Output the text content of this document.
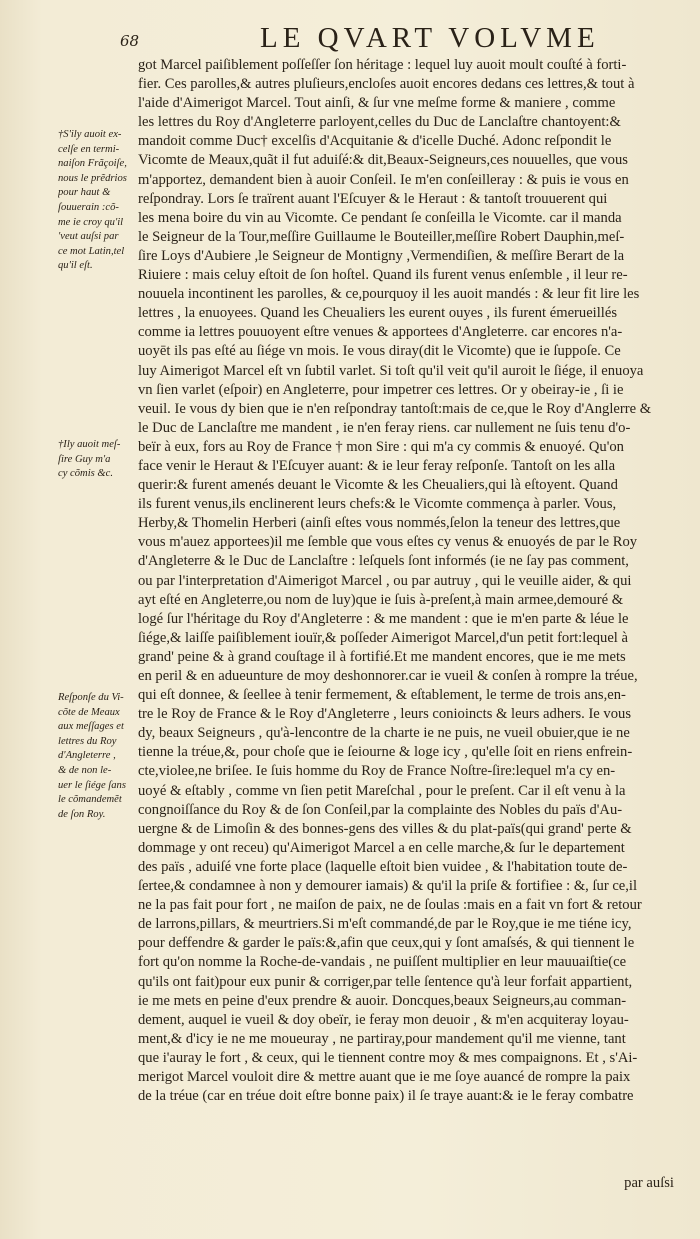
68	LE QVART VOLVME
got Marcel paiſiblement poſſeſſer ſon héritage : lequel luy auoit moult couſté à forti-
fier. Ces parolles,& autres pluſieurs,encloſes auoit encores dedans ces lettres,& tout à
l'aide d'Aimerigot Marcel. Tout ainſi, & ſur vne meſme forme & maniere , comme
les lettres du Roy d'Angleterre parloyent,celles du Duc de Lanclaſtre chantoyent:&
mandoit comme Duc† excelſis d'Acquitanie & d'icelle Duché. Adonc reſpondit le
Vicomte de Meaux,quãt il fut aduiſé:& dit,Beaux-Seigneurs,ces nouuelles, que vous
m'apportez, demandent bien à auoir Conſeil. Ie m'en conſeilleray : & puis ie vous en
reſpondray. Lors ſe traïrent auant l'Eſcuyer & le Heraut : & tantoſt trouuerent qui
les mena boire du vin au Vicomte. Ce pendant ſe conſeilla le Vicomte. car il manda
le Seigneur de la Tour,meſſire Guillaume le Bouteiller,meſſire Robert Dauphin,meſ-
ſire Loys d'Aubiere ,le Seigneur de Montigny ,Vermendiſien, & meſſire Berart de la
Riuiere : mais celuy eſtoit de ſon hoſtel. Quand ils furent venus enſemble , il leur re-
nouuela incontinent les parolles, & ce,pourquoy il les auoit mandés : & leur fit lire les
lettres , la enuoyees. Quand les Cheualiers les eurent ouyes , ils furent émerueillés
comme ia lettres pouuoyent eſtre venues & apportees d'Angleterre. car encores n'a-
uoyēt ils pas eſté au ſiége vn mois. Ie vous diray(dit le Vicomte) que ie ſuppoſe. Ce
luy Aimerigot Marcel eſt vn ſubtil varlet. Si toſt qu'il veit qu'il auroit le ſiége, il enuoya
vn ſien varlet (eſpoir) en Angleterre, pour impetrer ces lettres. Or y obeiray-ie , ſi ie
veuil. Ie vous dy bien que ie n'en reſpondray tantoſt:mais de ce,que le Roy d'Anglerre &
le Duc de Lanclaſtre me mandent , ie n'en feray riens. car nullement ne ſuis tenu d'o-
beïr à eux, fors au Roy de France † mon Sire : qui m'a cy commis & enuoyé. Qu'on
face venir le Heraut & l'Eſcuyer auant: & ie leur feray reſponſe. Tantoſt on les alla
querir:& furent amenés deuant le Vicomte & les Cheualiers,qui là eſtoyent. Quand
ils furent venus,ils enclinerent leurs chefs:& le Vicomte commença à parler. Vous,
Herby,& Thomelin Herberi (ainſi eſtes vous nommés,ſelon la teneur des lettres,que
vous m'auez apportees)il me ſemble que vous eſtes cy venus & enuoyés de par le Roy
d'Angleterre & le Duc de Lanclaſtre : leſquels ſont informés (ie ne ſay pas comment,
ou par l'interpretation d'Aimerigot Marcel , ou par autruy , qui le veuille aider, & qui
ayt eſté en Angleterre,ou nom de luy)que ie ſuis à-preſent,à main armee,demouré &
logé ſur l'héritage du Roy d'Angleterre : & me mandent : que ie m'en parte & léue le
ſiége,& laiſſe paiſiblement iouïr,& poſſeder Aimerigot Marcel,d'un petit fort:lequel à
grand' peine & à grand couſtage il à fortifié.Et me mandent encores, que ie me mets
en peril & en adueunture de moy deshonnorer.car ie vueil & conſen à rompre la tréue,
qui eſt donnee, & ſeellee à tenir fermement, & eſtablement, le terme de trois ans,en-
tre le Roy de France & le Roy d'Angleterre , leurs conioincts & leurs adhers. Ie vous
dy, beaux Seigneurs , qu'à-lencontre de la charte ie ne puis, ne vueil obuier,que ie ne
tienne la tréue,&, pour choſe que ie ſeiourne & loge icy , qu'elle ſoit en riens enfrein-
cte,violee,ne briſee. Ie ſuis homme du Roy de France Noſtre-ſire:lequel m'a cy en-
uoyé & eſtably , comme vn ſien petit Mareſchal , pour le preſent. Car il eſt venu à la
congnoiſſance du Roy & de ſon Conſeil,par la complainte des Nobles du païs d'Au-
uergne & de Limoſin & des bonnes-gens des villes & du plat-païs(qui grand' perte &
dommage y ont receu) qu'Aimerigot Marcel a en celle marche,& ſur le departement
des païs , aduiſé vne forte place (laquelle eſtoit bien vuidee , & l'habitation toute de-
ſertee,& condamnee à non y demourer iamais) & qu'il la priſe & fortifiee : &, ſur ce,il
ne la pas fait pour fort , ne maiſon de paix, ne de ſoulas :mais en a fait vn fort & retour
de larrons,pillars, & meurtriers.Si m'eſt commandé,de par le Roy,que ie me tiéne icy,
pour deffendre & garder le païs:&,afin que ceux,qui y ſont amaſsés, & qui tiennent le
fort qu'on nomme la Roche-de-vandais , ne puiſſent multiplier en leur mauuaiſtie(ce
qu'ils ont fait)pour eux punir & corriger,par telle ſentence qu'à leur forfait appartient,
ie me mets en peine d'eux prendre & auoir. Doncques,beaux Seigneurs,au comman-
dement, auquel ie vueil & doy obeïr, ie feray mon deuoir , & m'en acquiteray loyau-
ment,& d'icy ie ne me moueuray , ne partiray,pour mandement qu'il me vienne, tant
que i'auray le fort , & ceux, qui le tiennent contre moy & mes compaignons. Et , s'Ai-
merigot Marcel vouloit dire & mettre auant que ie me ſoye auancé de rompre la paix
de la tréue (car en tréue doit eſtre bonne paix) il ſe traye auant:& ie le feray combatre
†S'ily auoit ex-
celſe en termi-
naiſon Frãçoiſe,
nous le prẽdrios
pour haut &
ſouuerain :cõ-
me ie croy qu'il
'veut auſsi par
ce mot Latin,tel
qu'il eſt.
†Ily auoit meſ-
ſire Guy m'a
cy cõmis &c.
Reſponſe du Vi-
cõte de Meaux
aux meſſages et
lettres du Roy
d'Angleterre ,
& de non le-
uer le ſiége ſans
le cõmandemẽt
de ſon Roy.
par auſsi
